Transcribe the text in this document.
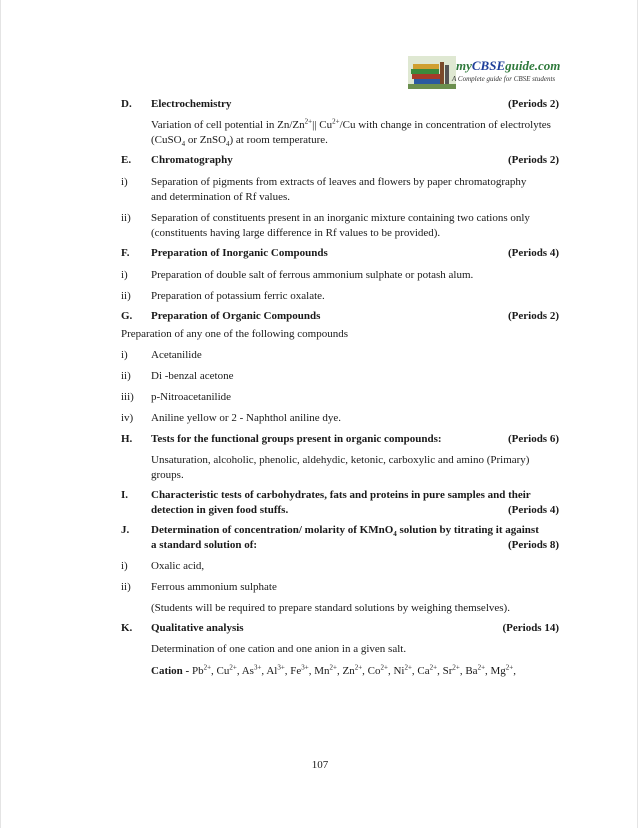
myCBSEguide.com
A Complete guide for CBSE students
D. Electrochemistry	(Periods 2)
Variation of cell potential in $Zn/Zn^{2+}||$ $Cu^{2+}/Cu$ with change in concentration of electrolytes
(CuSO$_4$ or ZnSO$_4$) at room temperature.
E. Chromatography	(Periods 2)
i) Separation of pigments from extracts of leaves and flowers by paper chromatography
and determination of Rf values.
ii) Separation of constituents present in an inorganic mixture containing two cations only
(constituents having large difference in Rf values to be provided).
F. Preparation of Inorganic Compounds	(Periods 4)
i) Preparation of double salt of ferrous ammonium sulphate or potash alum.
ii) Preparation of potassium ferric oxalate.
G. Preparation of Organic Compounds	(Periods 2)
Preparation of any one of the following compounds
i) Acetanilide
ii) Di -benzal acetone
iii) p-Nitroacetanilide
iv) Aniline yellow or 2 - Naphthol aniline dye.
H. Tests for the functional groups present in organic compounds:	(Periods 6)
Unsaturation, alcoholic, phenolic, aldehydic, ketonic, carboxylic and amino (Primary)
groups.
I. Characteristic tests of carbohydrates, fats and proteins in pure samples and their
detection in given food stuffs.	(Periods 4)
J. Determination of concentration/ molarity of KMnO$_4$ solution by titrating it against
a standard solution of:	(Periods 8)
i) Oxalic acid,
ii) Ferrous ammonium sulphate
(Students will be required to prepare standard solutions by weighing themselves).
K. Qualitative analysis	(Periods 14)
Determination of one cation and one anion in a given salt.
Cation - $Pb^{2+}$, $Cu^{2+}$, $As^{3+}$, $Al^{3+}$, $Fe^{3+}$, $Mn^{2+}$, $Zn^{2+}$, $Co^{2+}$, $Ni^{2+}$, $Ca^{2+}$, $Sr^{2+}$, $Ba^{2+}$, $Mg^{2+}$,
107
